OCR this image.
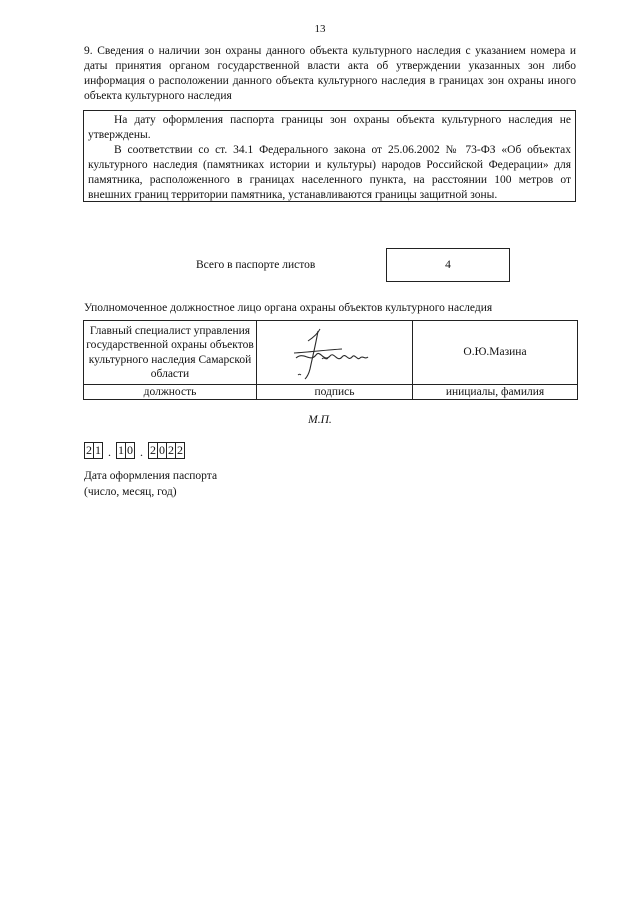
13
9. Сведения о наличии зон охраны данного объекта культурного наследия с указанием номера и даты принятия органом государственной власти акта об утверждении указанных зон либо информация о расположении данного объекта культурного наследия в границах зон охраны иного объекта культурного наследия

На дату оформления паспорта границы зон охраны объекта культурного наследия не утверждены.

В соответствии со ст. 34.1 Федерального закона от 25.06.2002 № 73-ФЗ «Об объектах культурного наследия (памятниках истории и культуры) народов Российской Федерации» для памятника, расположенного в границах населенного пункта, на расстоянии 100 метров от внешних границ территории памятника, устанавливаются границы защитной зоны.

Всего в паспорте листов	4
Уполномоченное должностное лицо органа охраны объектов культурного наследия
Главный специалист управления государственной охраны объектов культурного наследия Самарской области		О.Ю.Мазина
должность	подпись	инициалы, фамилия
М.П.
2 1 . 1 0 . 2 0 2 2
Дата оформления паспорта
(число, месяц, год)
